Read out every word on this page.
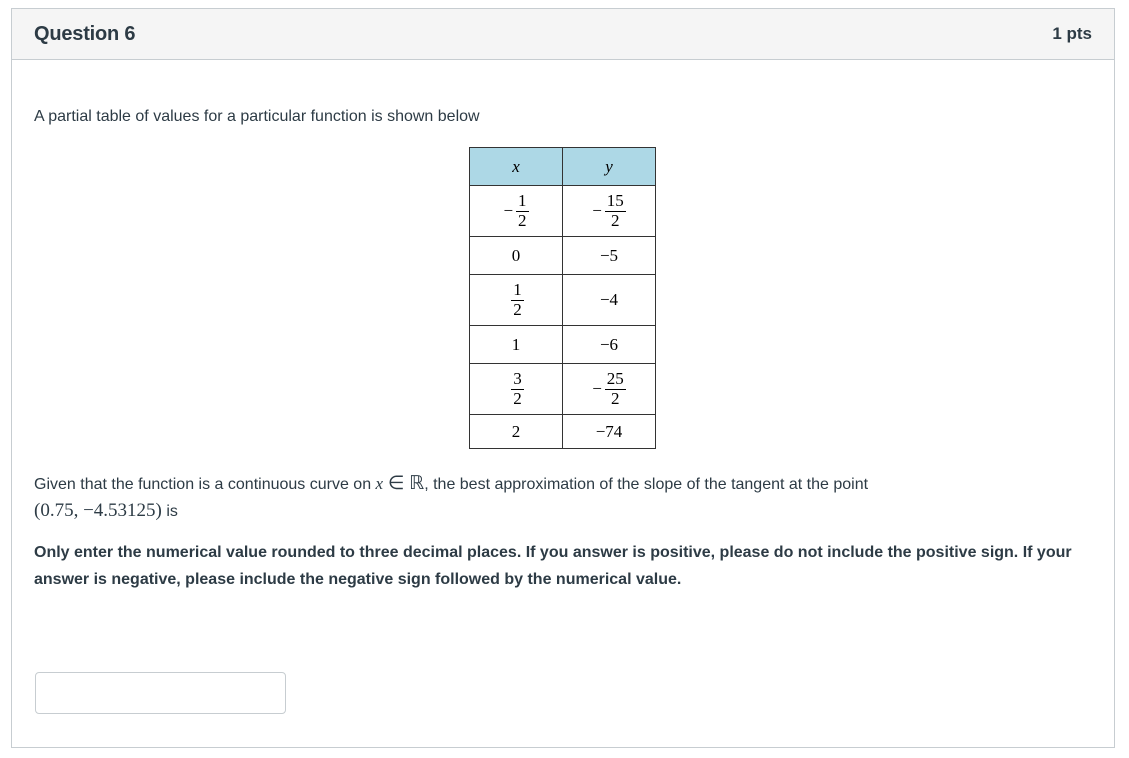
Question 6	1 pts
A partial table of values for a particular function is shown below
x	y

− $\frac{1}{2}$	− $\frac{15}{2}$

0	−5

$\frac{1}{2}$	−4
1	−6

$\frac{3}{2}$	− $\frac{25}{2}$

2	−74
Given that the function is a continuous curve on x ∈ ℝ, the best approximation of the slope of the tangent at the point
(0.75, −4.53125) is
Only enter the numerical value rounded to three decimal places. If you answer is positive, please do not include the positive sign. If your answer is negative, please include the negative sign followed by the numerical value.
